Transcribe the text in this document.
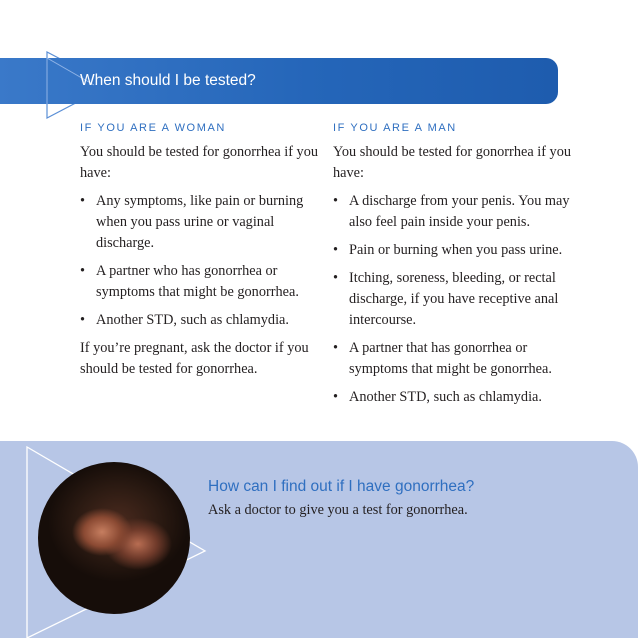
When should I be tested?

IF YOU ARE A WOMAN

You should be tested for gonorrhea if you have:

• Any symptoms, like pain or burning when you pass urine or vaginal discharge.
• A partner who has gonorrhea or symptoms that might be gonorrhea.
• Another STD, such as chlamydia.

If you’re pregnant, ask the doctor if you should be tested for gonorrhea.

IF YOU ARE A MAN

You should be tested for gonorrhea if you have:

• A discharge from your penis. You may also feel pain inside your penis.
• Pain or burning when you pass urine.
• Itching, soreness, bleeding, or rectal discharge, if you have receptive anal intercourse.
• A partner that has gonorrhea or symptoms that might be gonorrhea.
• Another STD, such as chlamydia.
How can I find out if I have gonorrhea?
Ask a doctor to give you a test for gonorrhea.
